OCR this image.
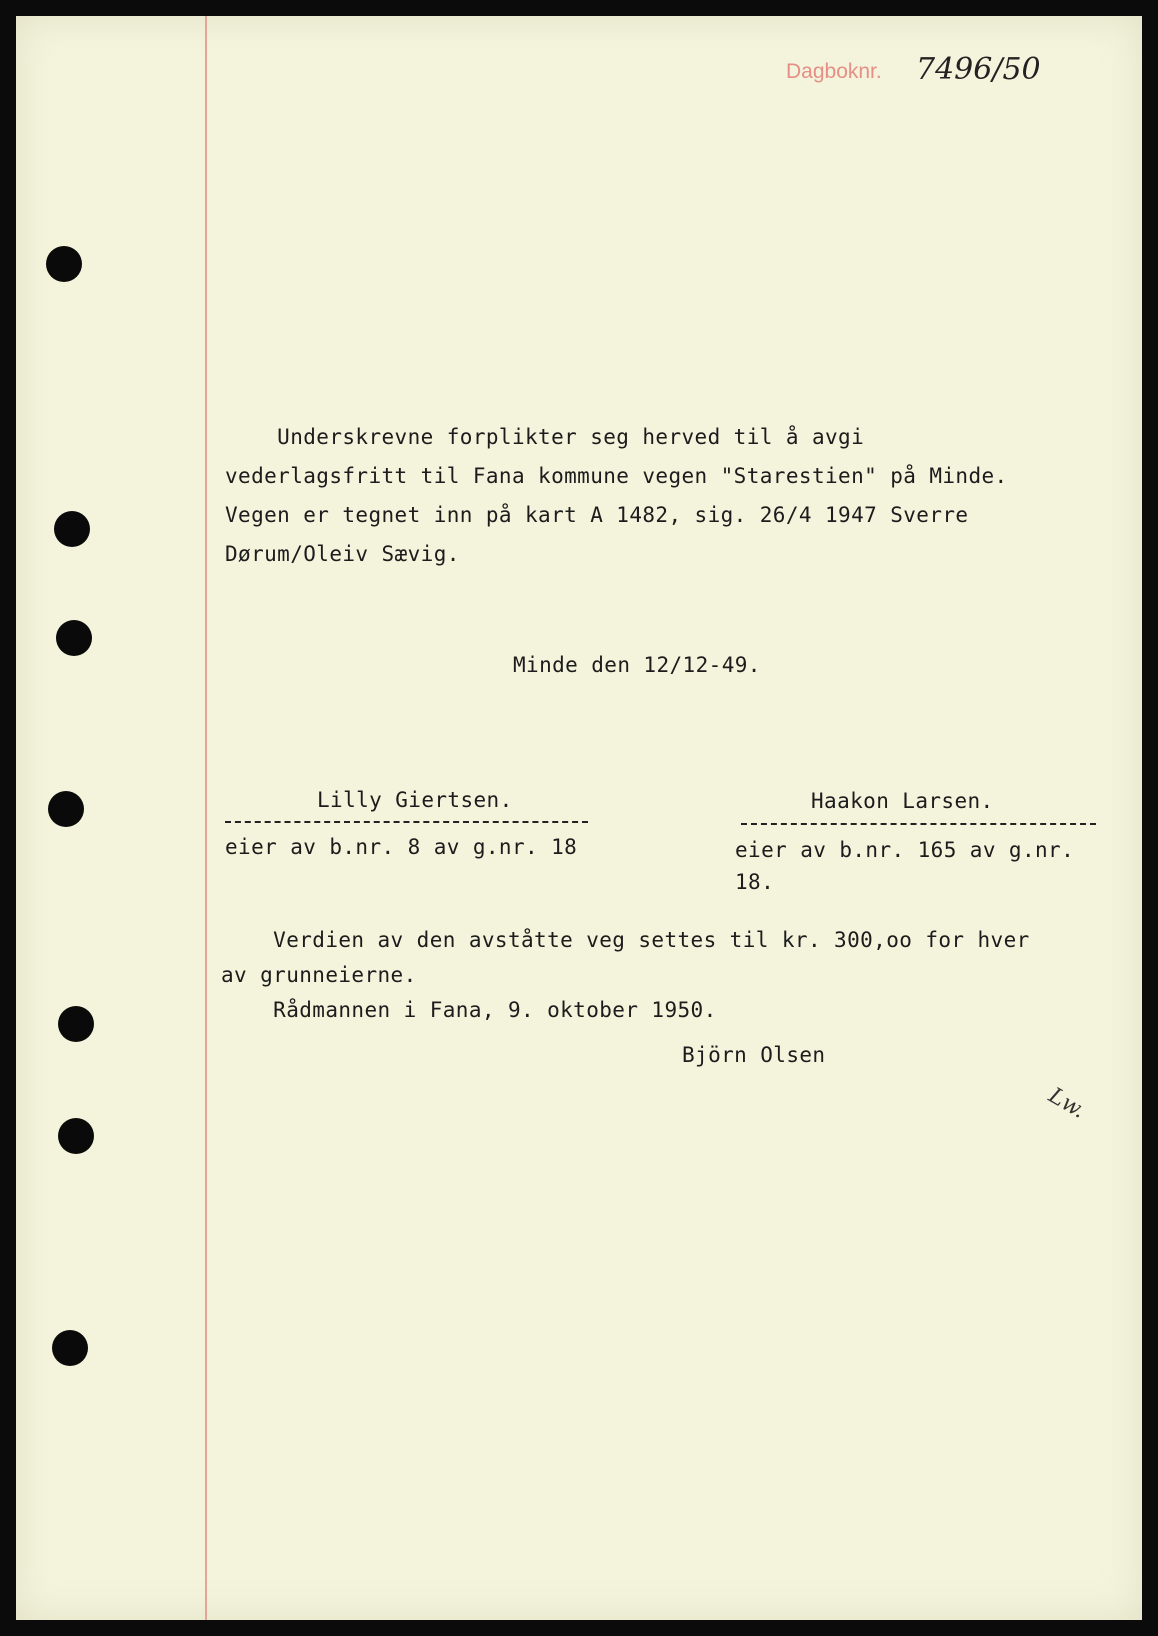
Dagboknr. 7496/50
Underskrevne forplikter seg herved til å avgi
vederlagsfritt til Fana kommune vegen "Starestien" på Minde.
Vegen er tegnet inn på kart A 1482, sig. 26/4 1947 Sverre
Dørum/Oleiv Sævig.
Minde den 12/12-49.
Lilly Giertsen.
eier av b.nr. 8 av g.nr. 18
Haakon Larsen.
eier av b.nr. 165 av g.nr.
18.
Verdien av den avståtte veg settes til kr. 300,oo for hver
av grunneierne.
Rådmannen i Fana, 9. oktober 1950.
Björn Olsen
Lw.
